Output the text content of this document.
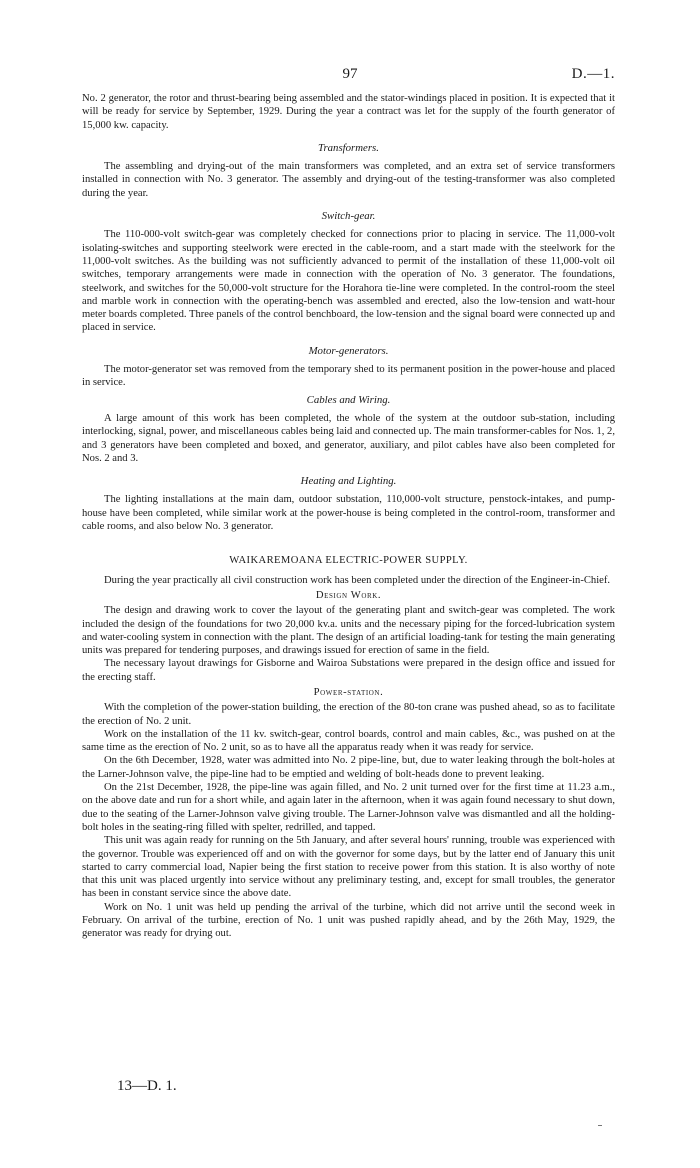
97	D.—1.

No. 2 generator, the rotor and thrust-bearing being assembled and the stator-windings placed in position. It is expected that it will be ready for service by September, 1929. During the year a contract was let for the supply of the fourth generator of 15,000 kw. capacity.

Transformers.

The assembling and drying-out of the main transformers was completed, and an extra set of service transformers installed in connection with No. 3 generator. The assembly and drying-out of the testing-transformer was also completed during the year.

Switch-gear.

The 110-000-volt switch-gear was completely checked for connections prior to placing in service. The 11,000-volt isolating-switches and supporting steelwork were erected in the cable-room, and a start made with the steelwork for the 11,000-volt switches. As the building was not sufficiently advanced to permit of the installation of these 11,000-volt oil switches, temporary arrangements were made in connection with the operation of No. 3 generator. The foundations, steelwork, and switches for the 50,000-volt structure for the Horahora tie-line were completed. In the control-room the steel and marble work in connection with the operating-bench was assembled and erected, also the low-tension and watt-hour meter boards completed. Three panels of the control benchboard, the low-tension and the signal board were connected up and placed in service.

Motor-generators.

The motor-generator set was removed from the temporary shed to its permanent position in the power-house and placed in service.

Cables and Wiring.

A large amount of this work has been completed, the whole of the system at the outdoor sub-station, including interlocking, signal, power, and miscellaneous cables being laid and connected up. The main transformer-cables for Nos. 1, 2, and 3 generators have been completed and boxed, and generator, auxiliary, and pilot cables have also been completed for Nos. 2 and 3.

Heating and Lighting.

The lighting installations at the main dam, outdoor substation, 110,000-volt structure, penstock-intakes, and pump-house have been completed, while similar work at the power-house is being completed in the control-room, transformer and cable rooms, and also below No. 3 generator.

WAIKAREMOANA ELECTRIC-POWER SUPPLY.

During the year practically all civil construction work has been completed under the direction of the Engineer-in-Chief.

Design Work.

The design and drawing work to cover the layout of the generating plant and switch-gear was completed. The work included the design of the foundations for two 20,000 kv.a. units and the necessary piping for the forced-lubrication system and water-cooling system in connection with the plant. The design of an artificial loading-tank for testing the main generating units was prepared for tendering purposes, and drawings issued for erection of same in the field.

The necessary layout drawings for Gisborne and Wairoa Substations were prepared in the design office and issued for the erecting staff.

Power-station.

With the completion of the power-station building, the erection of the 80-ton crane was pushed ahead, so as to facilitate the erection of No. 2 unit.

Work on the installation of the 11 kv. switch-gear, control boards, control and main cables, &c., was pushed on at the same time as the erection of No. 2 unit, so as to have all the apparatus ready when it was ready for service.

On the 6th December, 1928, water was admitted into No. 2 pipe-line, but, due to water leaking through the bolt-holes at the Larner-Johnson valve, the pipe-line had to be emptied and welding of bolt-heads done to prevent leaking.

On the 21st December, 1928, the pipe-line was again filled, and No. 2 unit turned over for the first time at 11.23 a.m., on the above date and run for a short while, and again later in the afternoon, when it was again found necessary to shut down, due to the seating of the Larner-Johnson valve giving trouble. The Larner-Johnson valve was dismantled and all the holding-bolt holes in the seating-ring filled with spelter, redrilled, and tapped.

This unit was again ready for running on the 5th January, and after several hours' running, trouble was experienced with the governor. Trouble was experienced off and on with the governor for some days, but by the latter end of January this unit started to carry commercial load, Napier being the first station to receive power from this station. It is also worthy of note that this unit was placed urgently into service without any preliminary testing, and, except for small troubles, the generator has been in constant service since the above date.

Work on No. 1 unit was held up pending the arrival of the turbine, which did not arrive until the second week in February. On arrival of the turbine, erection of No. 1 unit was pushed rapidly ahead, and by the 26th May, 1929, the generator was ready for drying out.

13—D. 1.
